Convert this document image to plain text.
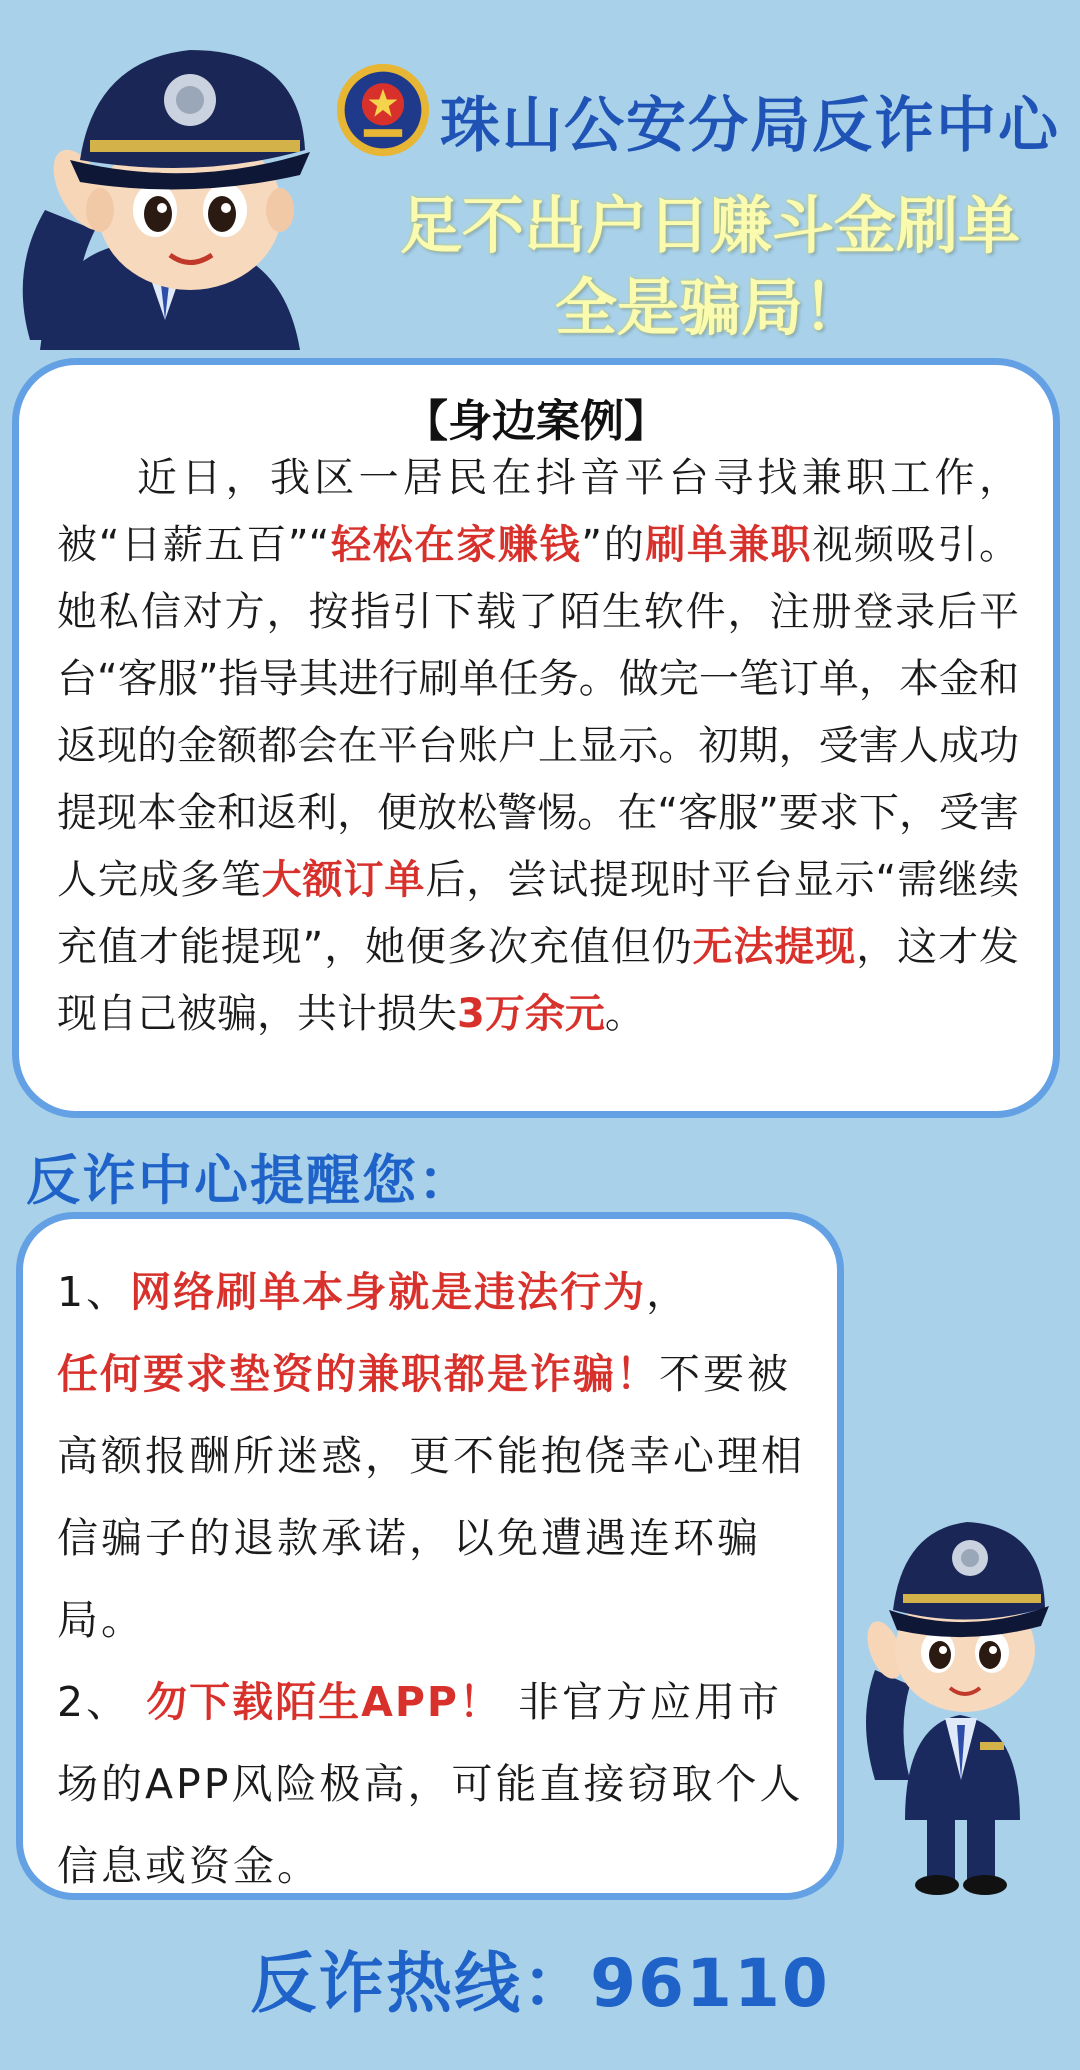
珠山公安分局反诈中心
足不出户日赚斗金刷单
全是骗局！
【身边案例】
近日，我区一居民在抖音平台寻找兼职工作，被“日薪五百”“轻松在家赚钱”的刷单兼职视频吸引。她私信对方，按指引下载了陌生软件，注册登录后平台“客服”指导其进行刷单任务。做完一笔订单，本金和返现的金额都会在平台账户上显示。初期，受害人成功提现本金和返利，便放松警惕。在“客服”要求下，受害人完成多笔大额订单后，尝试提现时平台显示“需继续充值才能提现”，她便多次充值但仍无法提现，这才发现自己被骗，共计损失3万余元。
反诈中心提醒您：
1、网络刷单本身就是违法行为，
任何要求垫资的兼职都是诈骗！不要被高额报酬所迷惑，更不能抱侥幸心理相信骗子的退款承诺，以免遭遇连环骗局。
2、 勿下载陌生APP！ 非官方应用市场的APP风险极高，可能直接窃取个人信息或资金。
反诈热线：96110
